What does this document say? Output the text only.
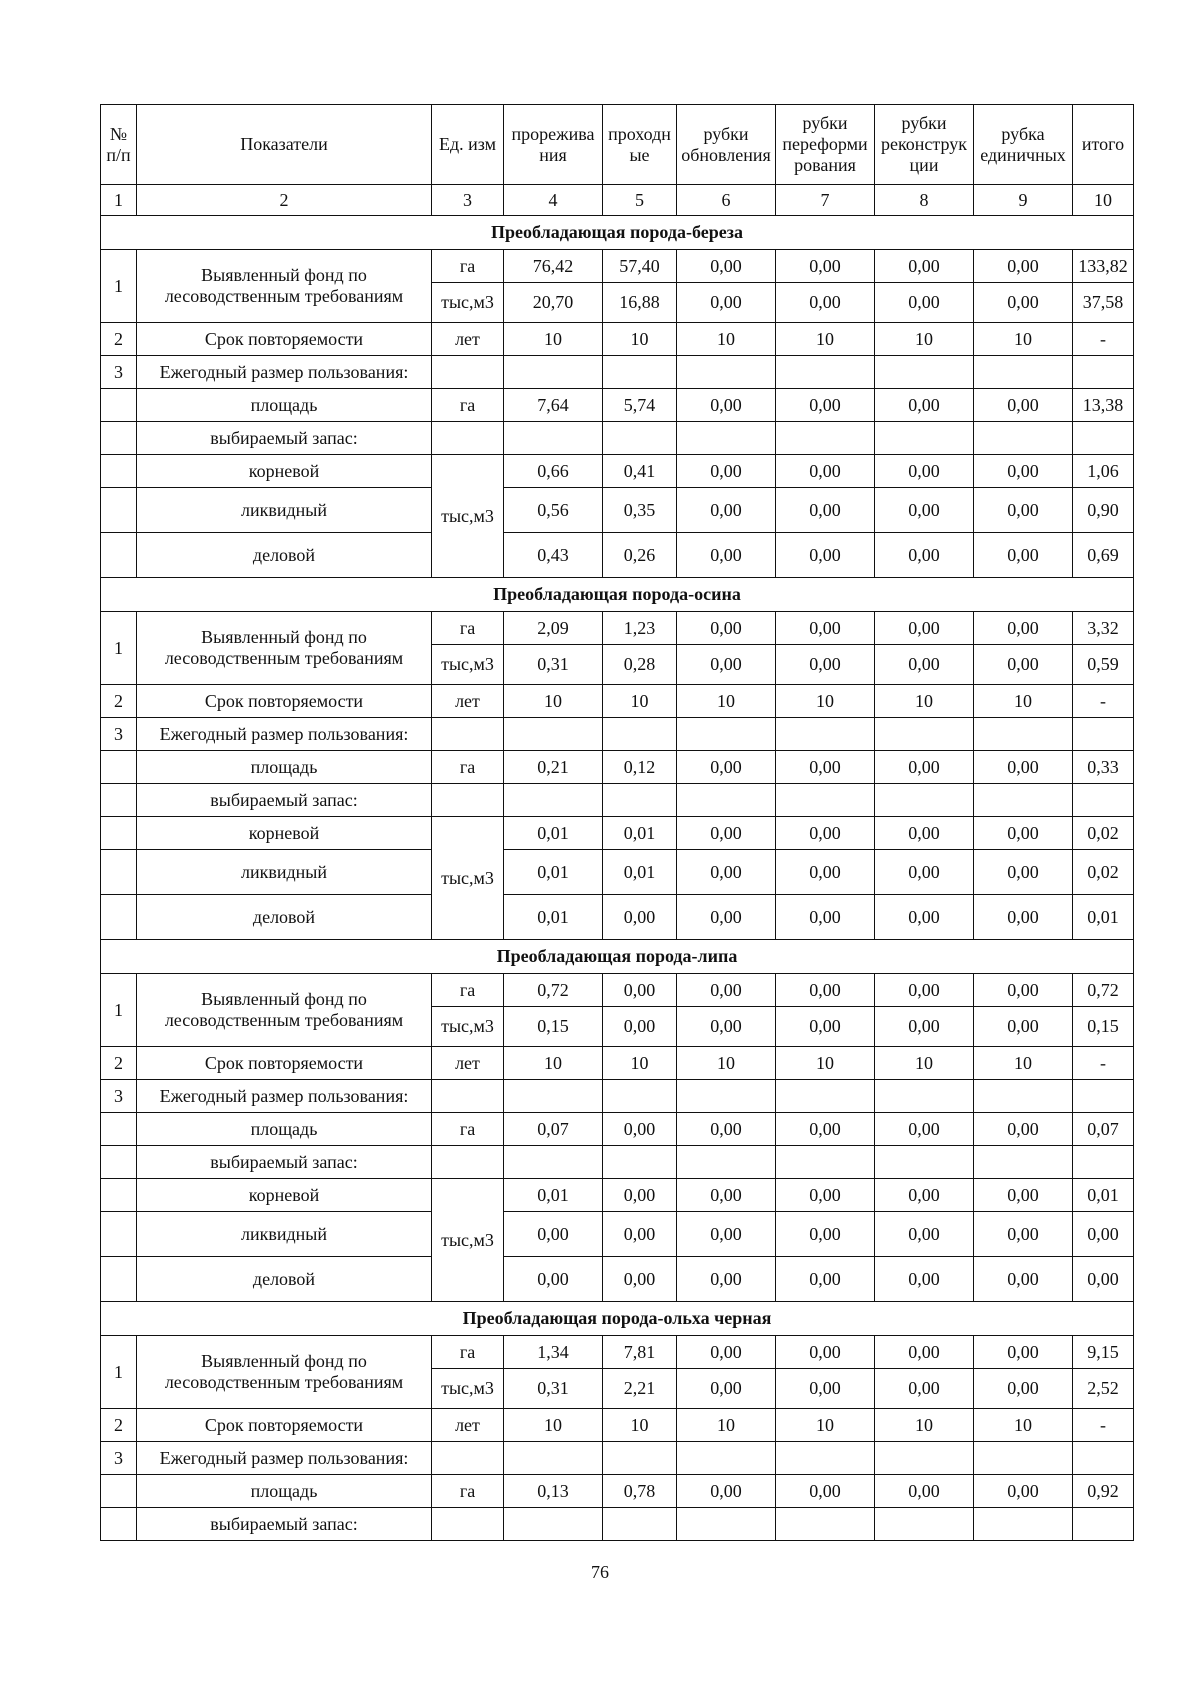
№ п/п	Показатели	Ед. изм	прорежива ния	проходн ые	рубки обновления	рубки переформи рования	рубки реконструк ции	рубка единичных	итого
1	2	3	4	5	6	7	8	9	10
Преобладающая порода-береза									
1	Выявленный фонд по лесоводственным требованиям	га	76,42	57,40	0,00	0,00	0,00	0,00	133,82
		тыс,м3	20,70	16,88	0,00	0,00	0,00	0,00	37,58
2	Срок повторяемости	лет	10	10	10	10	10	10	-
3	Ежегодный размер пользования:								
	площадь	га	7,64	5,74	0,00	0,00	0,00	0,00	13,38
	выбираемый запас:								
	корневой	тыс,м3	0,66	0,41	0,00	0,00	0,00	0,00	1,06
	ликвидный		0,56	0,35	0,00	0,00	0,00	0,00	0,90
	деловой		0,43	0,26	0,00	0,00	0,00	0,00	0,69
Преобладающая порода-осина									
1	Выявленный фонд по лесоводственным требованиям	га	2,09	1,23	0,00	0,00	0,00	0,00	3,32
		тыс,м3	0,31	0,28	0,00	0,00	0,00	0,00	0,59
2	Срок повторяемости	лет	10	10	10	10	10	10	-
3	Ежегодный размер пользования:								
	площадь	га	0,21	0,12	0,00	0,00	0,00	0,00	0,33
	выбираемый запас:								
	корневой	тыс,м3	0,01	0,01	0,00	0,00	0,00	0,00	0,02
	ликвидный		0,01	0,01	0,00	0,00	0,00	0,00	0,02
	деловой		0,01	0,00	0,00	0,00	0,00	0,00	0,01
Преобладающая порода-липа									
1	Выявленный фонд по лесоводственным требованиям	га	0,72	0,00	0,00	0,00	0,00	0,00	0,72
		тыс,м3	0,15	0,00	0,00	0,00	0,00	0,00	0,15
2	Срок повторяемости	лет	10	10	10	10	10	10	-
3	Ежегодный размер пользования:								
	площадь	га	0,07	0,00	0,00	0,00	0,00	0,00	0,07
	выбираемый запас:								
	корневой	тыс,м3	0,01	0,00	0,00	0,00	0,00	0,00	0,01
	ликвидный		0,00	0,00	0,00	0,00	0,00	0,00	0,00
	деловой		0,00	0,00	0,00	0,00	0,00	0,00	0,00
Преобладающая порода-ольха черная									
1	Выявленный фонд по лесоводственным требованиям	га	1,34	7,81	0,00	0,00	0,00	0,00	9,15
		тыс,м3	0,31	2,21	0,00	0,00	0,00	0,00	2,52
2	Срок повторяемости	лет	10	10	10	10	10	10	-
3	Ежегодный размер пользования:								
	площадь	га	0,13	0,78	0,00	0,00	0,00	0,00	0,92
	выбираемый запас:								
76
